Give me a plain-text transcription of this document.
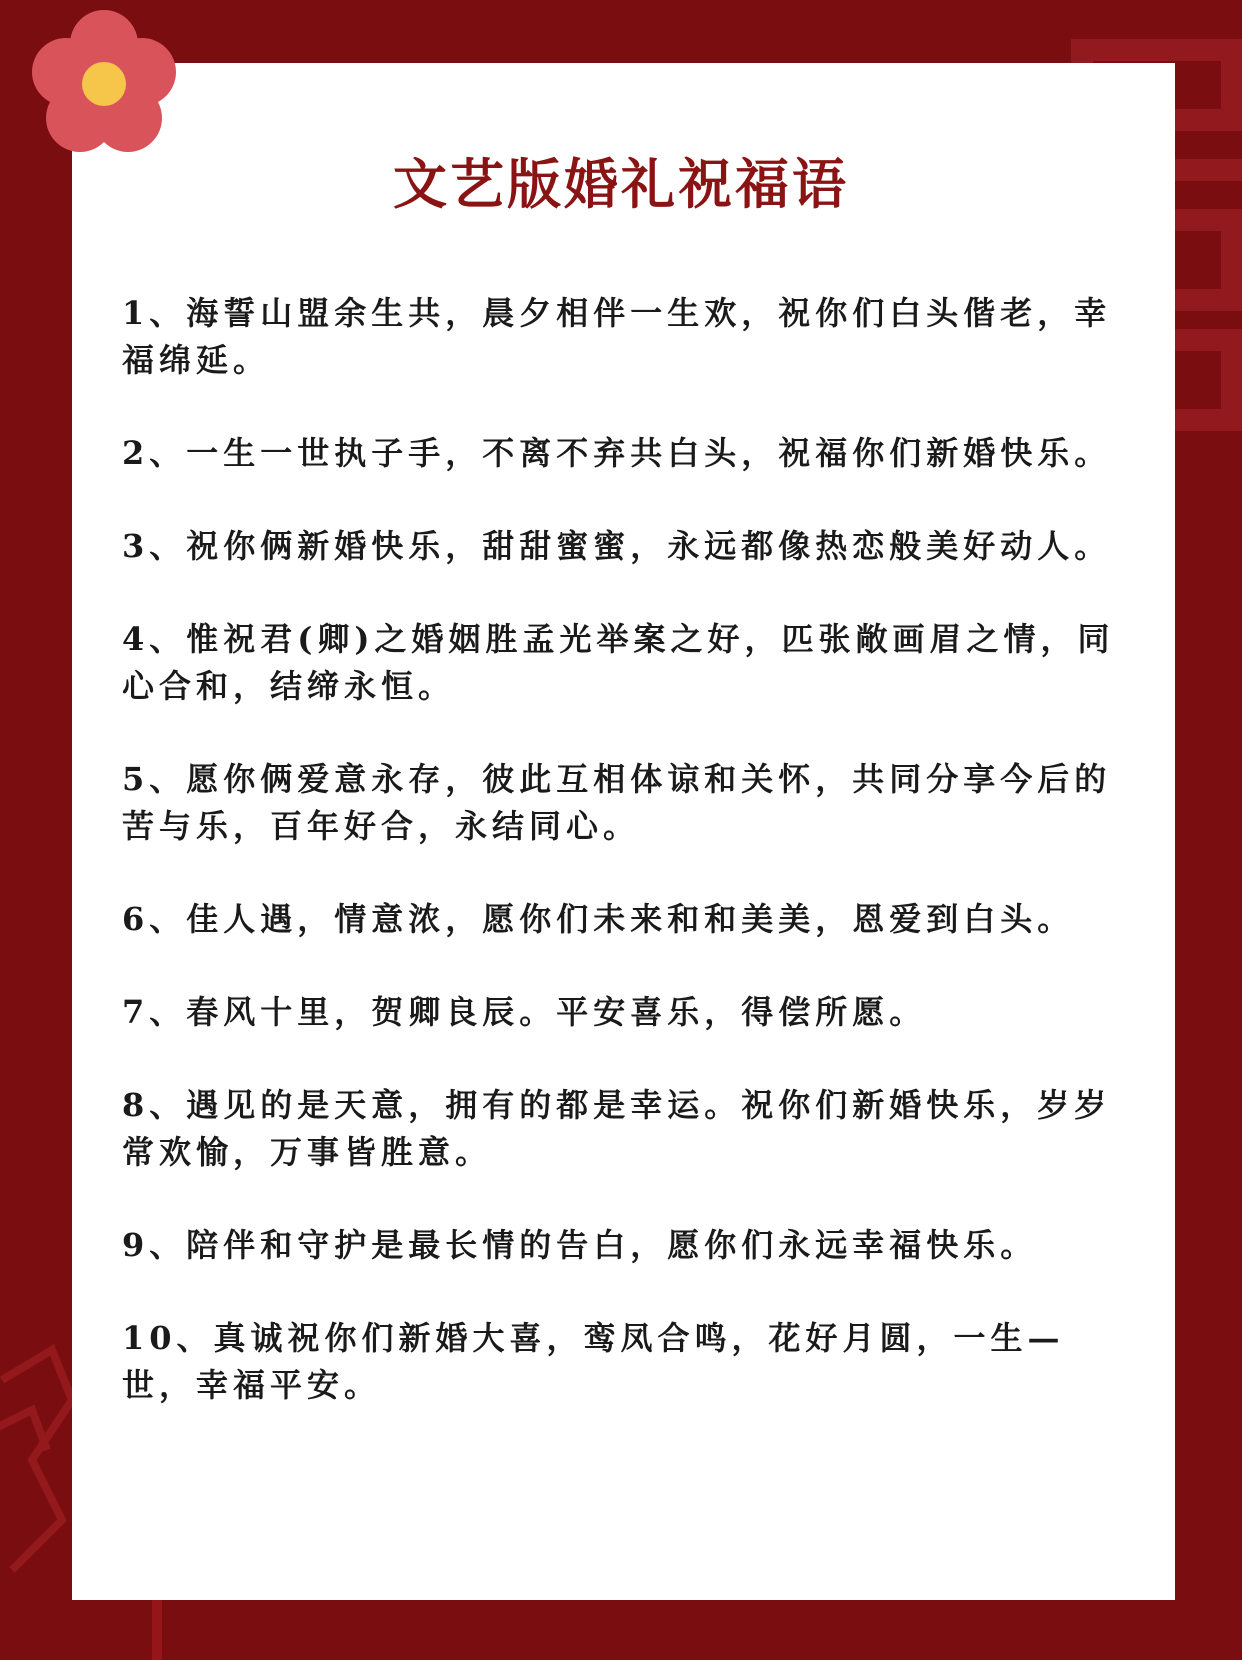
文艺版婚礼祝福语
1、海誓山盟余生共，晨夕相伴一生欢，祝你们白头偕老，幸福绵延。
2、一生一世执子手，不离不弃共白头，祝福你们新婚快乐。
3、祝你俩新婚快乐，甜甜蜜蜜，永远都像热恋般美好动人。
4、惟祝君(卿)之婚姻胜孟光举案之好，匹张敞画眉之情，同心合和，结缔永恒。
5、愿你俩爱意永存，彼此互相体谅和关怀，共同分享今后的苦与乐，百年好合，永结同心。
6、佳人遇，情意浓，愿你们未来和和美美，恩爱到白头。
7、春风十里，贺卿良辰。平安喜乐，得偿所愿。
8、遇见的是天意，拥有的都是幸运。祝你们新婚快乐，岁岁常欢愉，万事皆胜意。
9、陪伴和守护是最长情的告白，愿你们永远幸福快乐。
10、真诚祝你们新婚大喜，鸾凤合鸣，花好月圆，一生—世，幸福平安。
